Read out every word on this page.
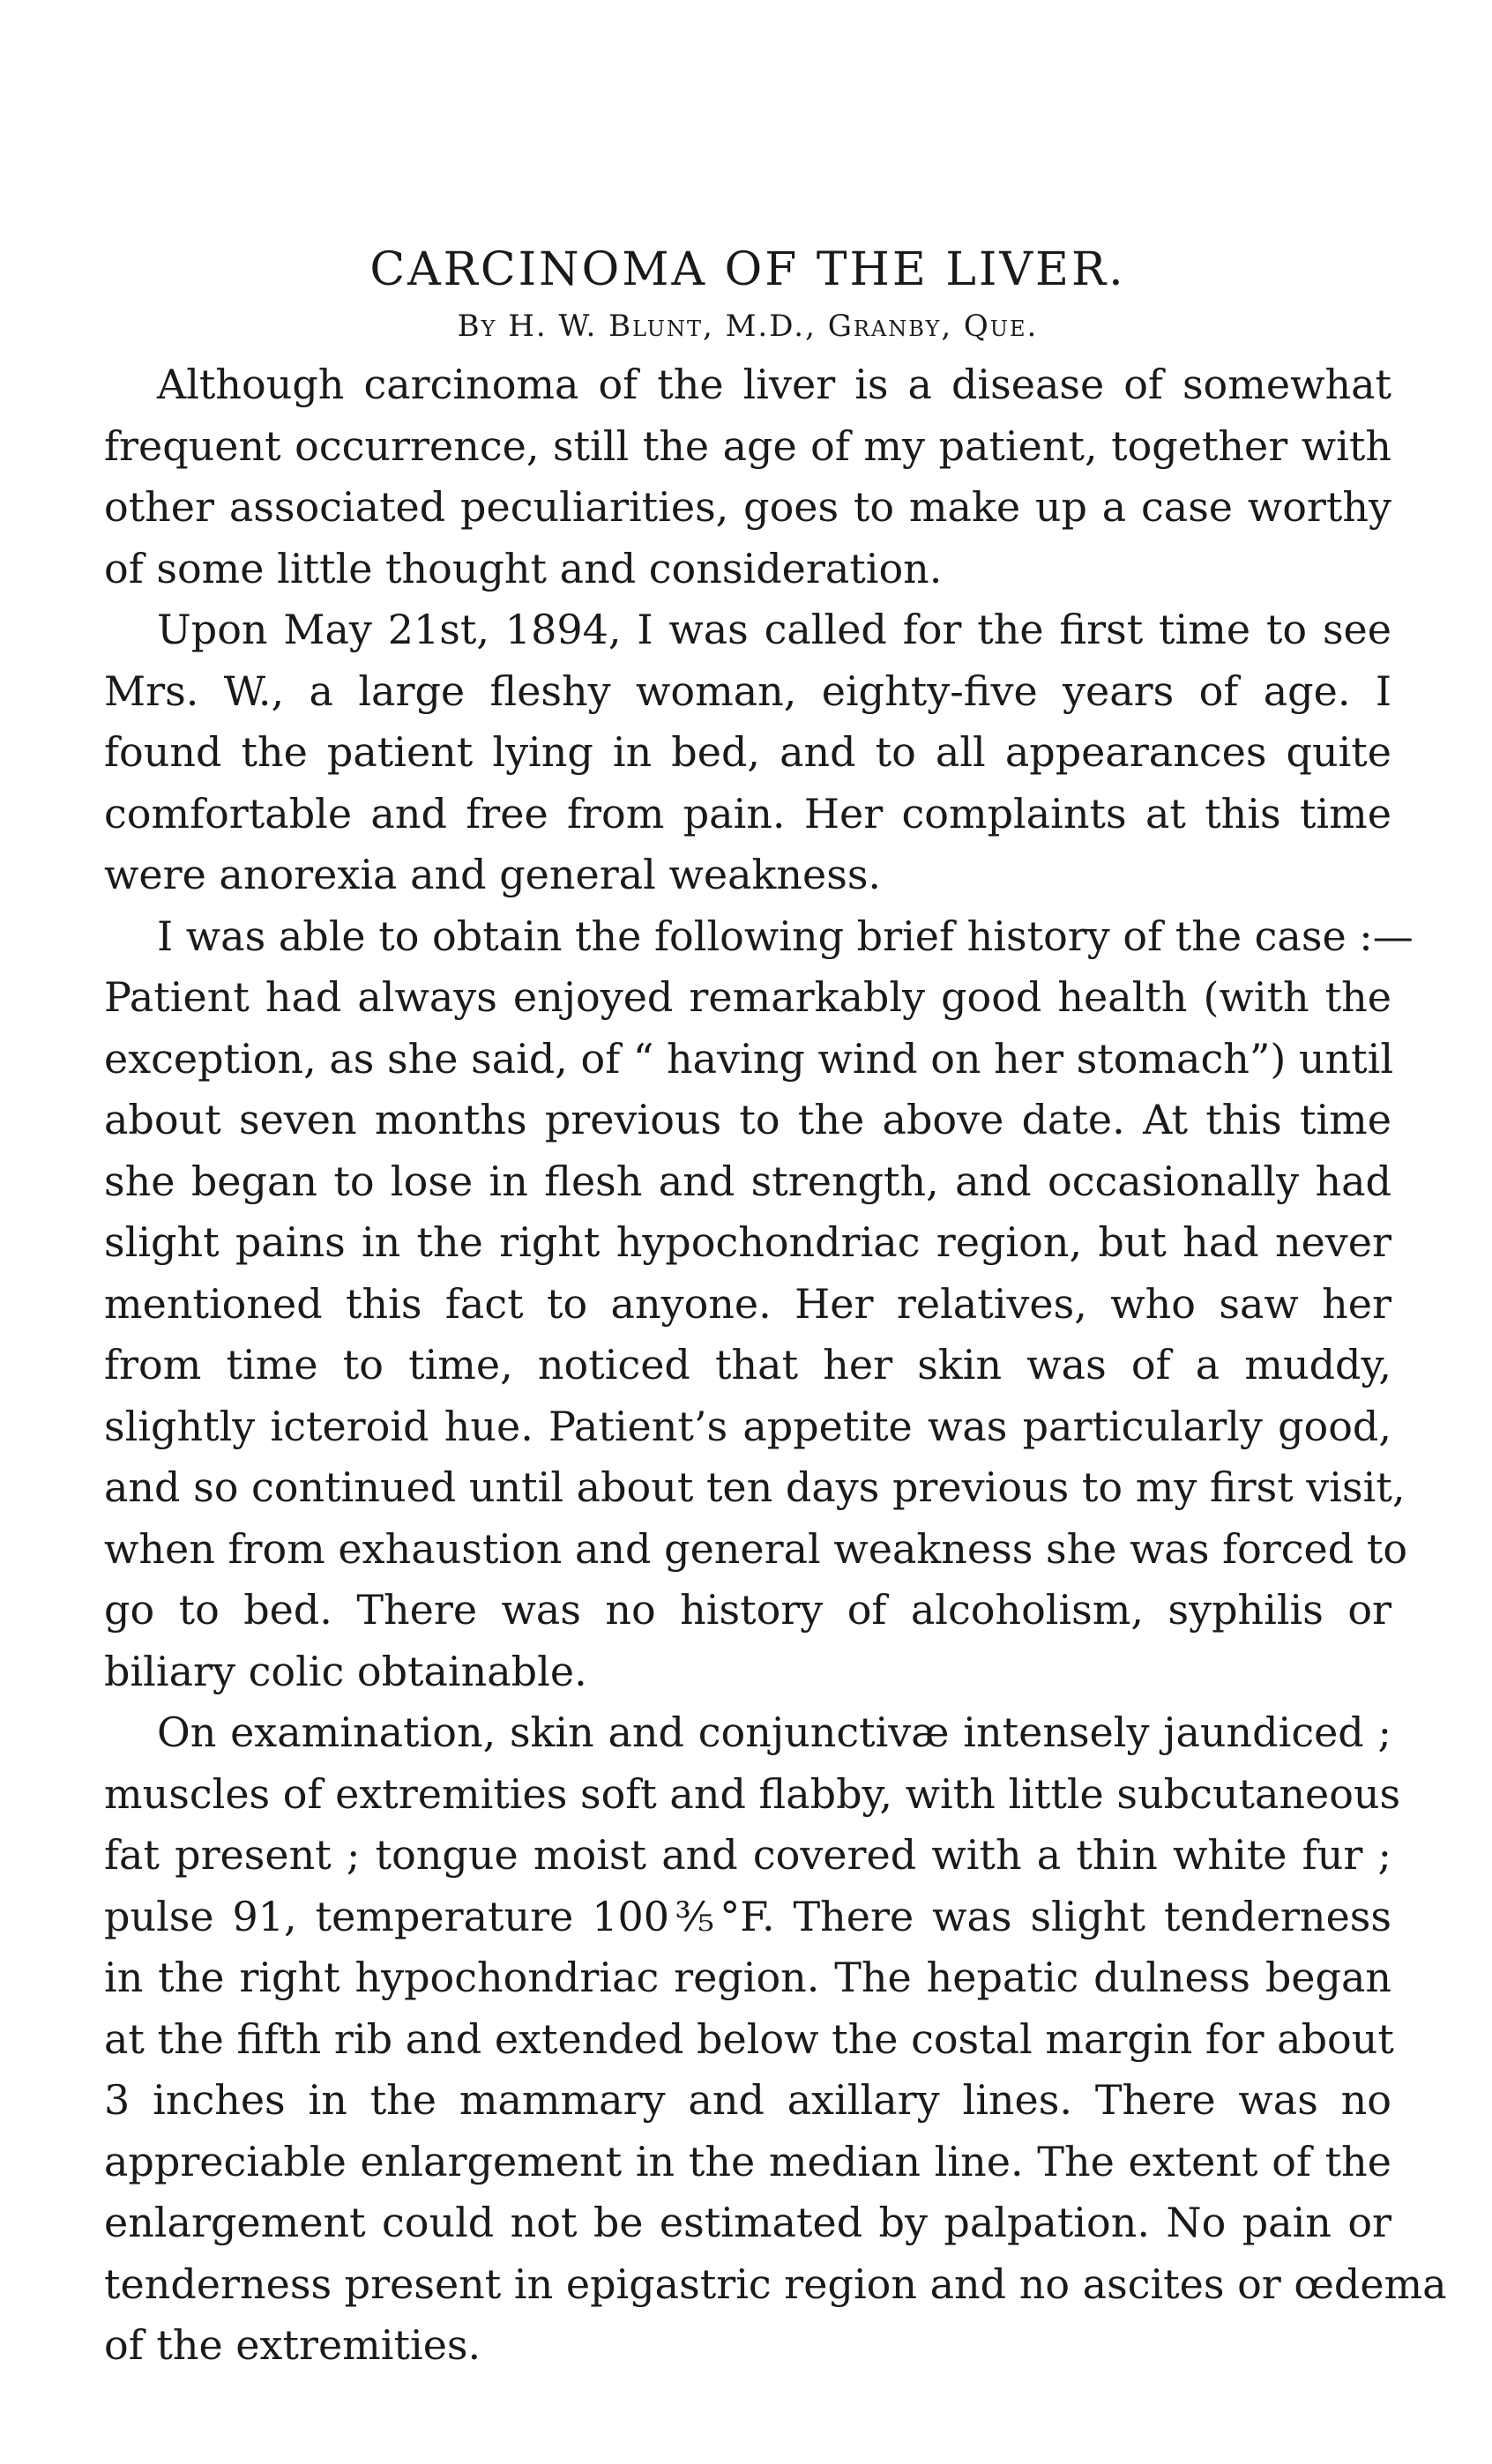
CARCINOMA OF THE LIVER.
By H. W. Blunt, M.D., Granby, Que.

Although carcinoma of the liver is a disease of somewhat
frequent occurrence, still the age of my patient, together with
other associated peculiarities, goes to make up a case worthy
of some little thought and consideration.

Upon May 21st, 1894, I was called for the first time to see
Mrs. W., a large fleshy woman, eighty-five years of age. I
found the patient lying in bed, and to all appearances quite
comfortable and free from pain. Her complaints at this time
were anorexia and general weakness.

I was able to obtain the following brief history of the case :—
Patient had always enjoyed remarkably good health (with the
exception, as she said, of “ having wind on her stomach”) until
about seven months previous to the above date. At this time
she began to lose in flesh and strength, and occasionally had
slight pains in the right hypochondriac region, but had never
mentioned this fact to anyone. Her relatives, who saw her
from time to time, noticed that her skin was of a muddy,
slightly icteroid hue. Patient’s appetite was particularly good,
and so continued until about ten days previous to my first visit,
when from exhaustion and general weakness she was forced to
go to bed. There was no history of alcoholism, syphilis or
biliary colic obtainable.

On examination, skin and conjunctivæ intensely jaundiced ;
muscles of extremities soft and flabby, with little subcutaneous
fat present ; tongue moist and covered with a thin white fur ;
pulse 91, temperature 100⅗°F. There was slight tenderness
in the right hypochondriac region. The hepatic dulness began
at the fifth rib and extended below the costal margin for about
3 inches in the mammary and axillary lines. There was no
appreciable enlargement in the median line. The extent of the
enlargement could not be estimated by palpation. No pain or
tenderness present in epigastric region and no ascites or œdema
of the extremities.
